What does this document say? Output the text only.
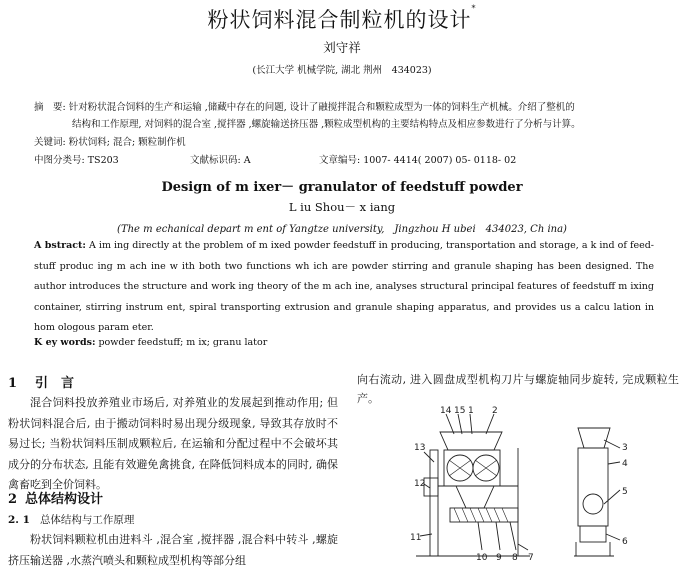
粉状饲料混合制粒机的设计*
刘守祥
(长江大学 机械学院, 湖北 荆州　434023)
摘　要: 针对粉状混合饲料的生产和运输 ,储藏中存在的问题, 设计了融搅拌混合和颗粒成型为一体的饲料生产机械。介绍了整机的
结构和工作原理, 对饲料的混合室 ,搅拌器 ,螺旋输送挤压器 ,颗粒成型机构的主要结构特点及相应参数进行了分析与计算。
关键词: 粉状饲料; 混合; 颗粒制作机
中图分类号: TS203	文献标识码: A	文章编号: 1007- 4414( 2007) 05- 0118- 02
Design of m ixer－ granulator of feedstuff powder
L iu Shou－ x iang
(The m echanical depart m ent of Yangtze university,　Jingzhou H ubei　434023, Ch ina)
A bstract: A im ing directly at the problem of m ixed powder feedstuff in producing, transportation and storage, a k ind of feed- stuff produc ing m ach ine w ith both two functions wh ich are powder stirring and granule shaping has been designed. The author introduces the structure and work ing theory of the m ach ine, analyses structural principal features of feedstuff m ixing container, stirring instrum ent, spiral transporting extrusion and granule shaping apparatus, and provides us a calcu lation in hom ologous param eter.
K ey words: powder feedstuff; m ix; granu lator
1 引　言
混合饲料投放养殖业市场后, 对养殖业的发展起到推动作用; 但粉状饲料混合后, 由于搬动饲料时易出现分级现象, 导致其存放时不易过长; 当粉状饲料压制成颗粒后, 在运输和分配过程中不会破坏其成分的分布状态, 且能有效避免禽挑食, 在降低饲料成本的同时, 确保禽畜吃到全价饲料。
2 总体结构设计
2. 1 总体结构与工作原理
粉状饲料颗粒机由进料斗 ,混合室 ,搅拌器 ,混合料中转斗 ,螺旋挤压输送器 ,水蒸汽喷头和颗粒成型机构等部分组
向右流动, 进入圆盘成型机构刀片与螺旋轴同步旋转, 完成颗粒生产。
14 15 1 2
13
12
11
10 9 8 7
3
4
5
6
